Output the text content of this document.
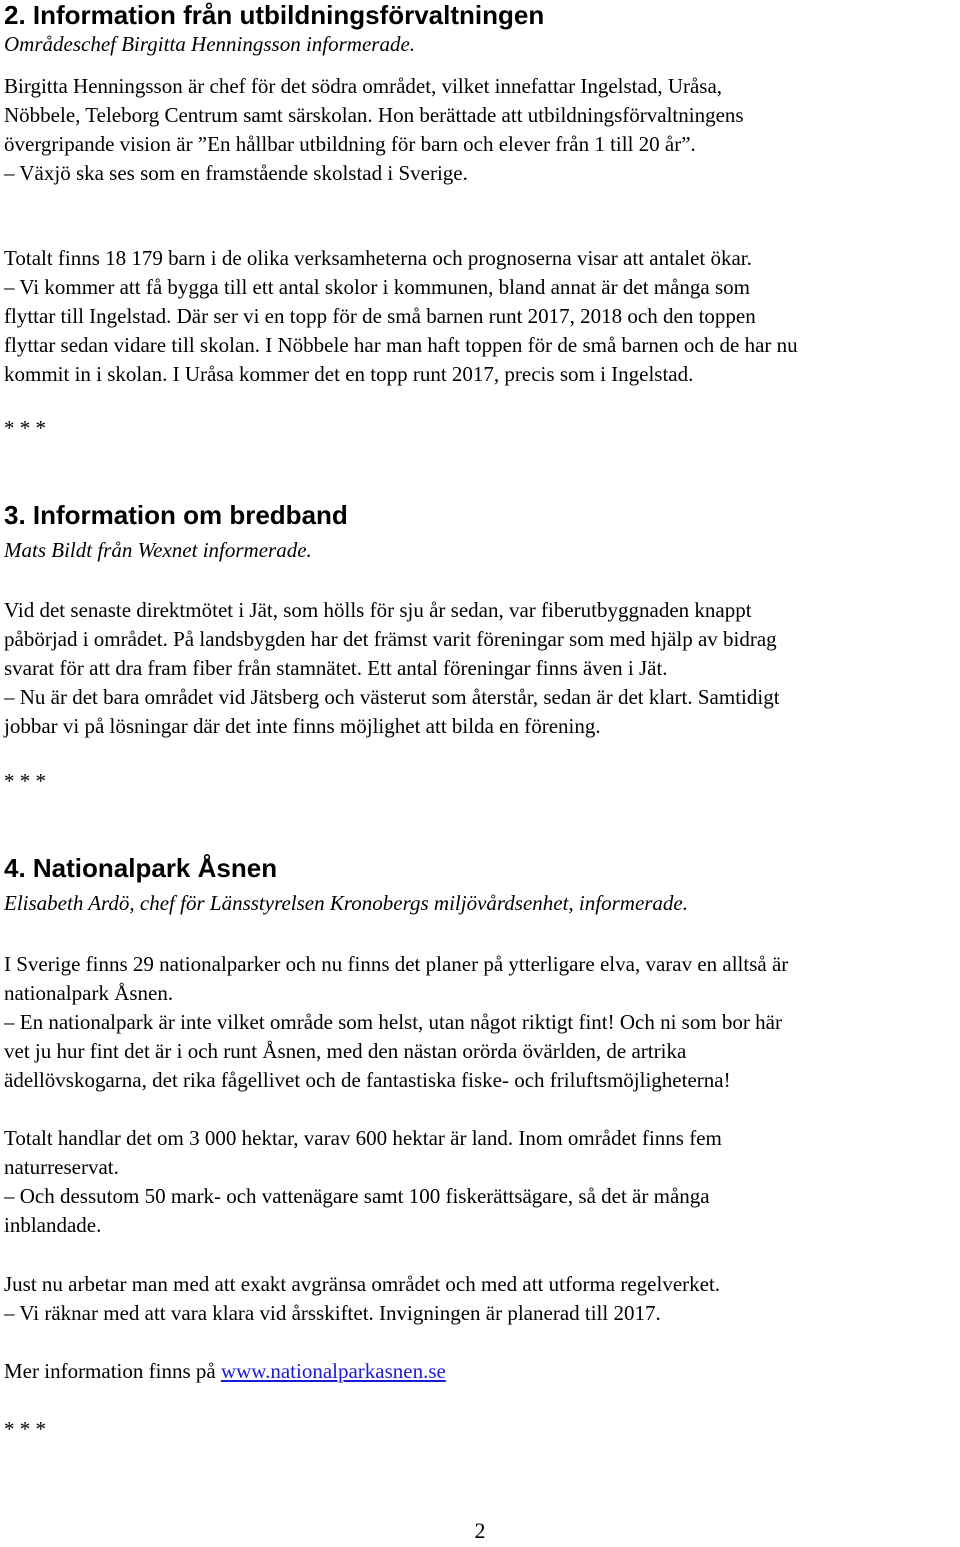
2. Information från utbildningsförvaltningen
Områdeschef Birgitta Henningsson informerade.

Birgitta Henningsson är chef för det södra området, vilket innefattar Ingelstad, Uråsa,

Nöbbele, Teleborg Centrum samt särskolan. Hon berättade att utbildningsförvaltningens

övergripande vision är ”En hållbar utbildning för barn och elever från 1 till 20 år”.

– Växjö ska ses som en framstående skolstad i Sverige.

Totalt finns 18 179 barn i de olika verksamheterna och prognoserna visar att antalet ökar.

– Vi kommer att få bygga till ett antal skolor i kommunen, bland annat är det många som

flyttar till Ingelstad. Där ser vi en topp för de små barnen runt 2017, 2018 och den toppen

flyttar sedan vidare till skolan. I Nöbbele har man haft toppen för de små barnen och de har nu

kommit in i skolan. I Uråsa kommer det en topp runt 2017, precis som i Ingelstad.

* * *
3. Information om bredband
Mats Bildt från Wexnet informerade.

Vid det senaste direktmötet i Jät, som hölls för sju år sedan, var fiberutbyggnaden knappt

påbörjad i området. På landsbygden har det främst varit föreningar som med hjälp av bidrag

svarat för att dra fram fiber från stamnätet. Ett antal föreningar finns även i Jät.

– Nu är det bara området vid Jätsberg och västerut som återstår, sedan är det klart. Samtidigt

jobbar vi på lösningar där det inte finns möjlighet att bilda en förening.

* * *
4. Nationalpark Åsnen
Elisabeth Ardö, chef för Länsstyrelsen Kronobergs miljövårdsenhet, informerade.

I Sverige finns 29 nationalparker och nu finns det planer på ytterligare elva, varav en alltså är

nationalpark Åsnen.

– En nationalpark är inte vilket område som helst, utan något riktigt fint! Och ni som bor här

vet ju hur fint det är i och runt Åsnen, med den nästan orörda övärlden, de artrika

ädellövskogarna, det rika fågellivet och de fantastiska fiske- och friluftsmöjligheterna!

Totalt handlar det om 3 000 hektar, varav 600 hektar är land. Inom området finns fem

naturreservat.

– Och dessutom 50 mark- och vattenägare samt 100 fiskerättsägare, så det är många

inblandade.

Just nu arbetar man med att exakt avgränsa området och med att utforma regelverket.

– Vi räknar med att vara klara vid årsskiftet. Invigningen är planerad till 2017.

Mer information finns på www.nationalparkasnen.se

* * *
2
